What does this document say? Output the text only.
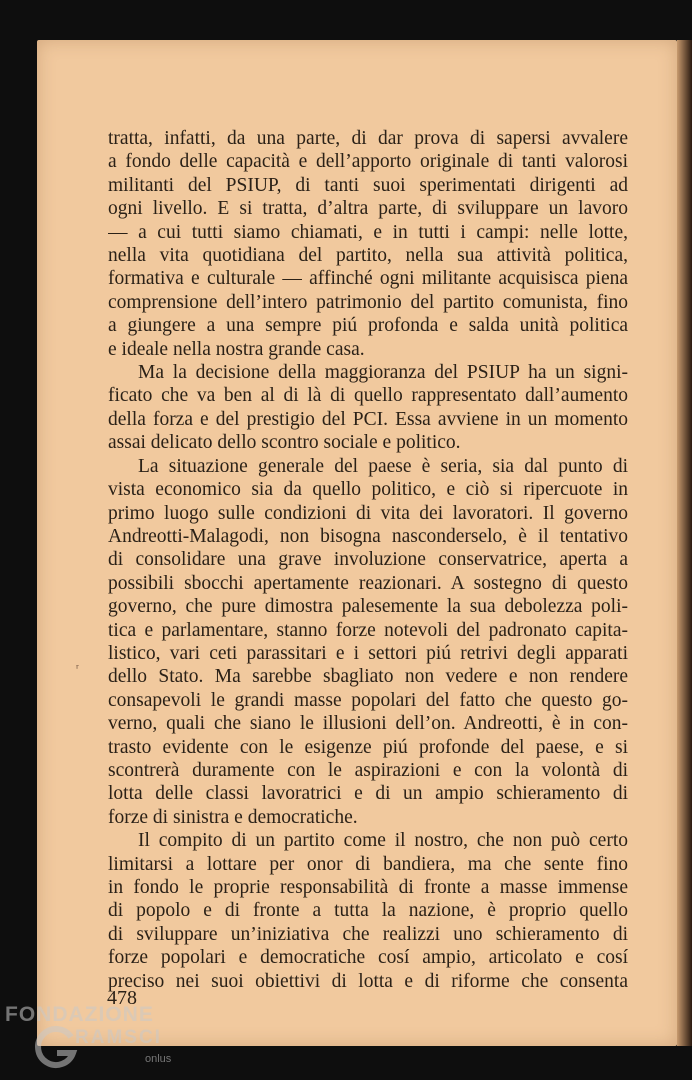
tratta, infatti, da una parte, di dar prova di sapersi avvalere
a fondo delle capacità e dell’apporto originale di tanti valorosi
militanti del PSIUP, di tanti suoi sperimentati dirigenti ad
ogni livello. E si tratta, d’altra parte, di sviluppare un lavoro
— a cui tutti siamo chiamati, e in tutti i campi: nelle lotte,
nella vita quotidiana del partito, nella sua attività politica,
formativa e culturale — affinché ogni militante acquisisca piena
comprensione dell’intero patrimonio del partito comunista, fino
a giungere a una sempre piú profonda e salda unità politica
e ideale nella nostra grande casa.
Ma la decisione della maggioranza del PSIUP ha un signi-
ficato che va ben al di là di quello rappresentato dall’aumento
della forza e del prestigio del PCI. Essa avviene in un momento
assai delicato dello scontro sociale e politico.
La situazione generale del paese è seria, sia dal punto di
vista economico sia da quello politico, e ciò si ripercuote in
primo luogo sulle condizioni di vita dei lavoratori. Il governo
Andreotti-Malagodi, non bisogna nasconderselo, è il tentativo
di consolidare una grave involuzione conservatrice, aperta a
possibili sbocchi apertamente reazionari. A sostegno di questo
governo, che pure dimostra palesemente la sua debolezza poli-
tica e parlamentare, stanno forze notevoli del padronato capita-
listico, vari ceti parassitari e i settori piú retrivi degli apparati
dello Stato. Ma sarebbe sbagliato non vedere e non rendere
consapevoli le grandi masse popolari del fatto che questo go-
verno, quali che siano le illusioni dell’on. Andreotti, è in con-
trasto evidente con le esigenze piú profonde del paese, e si
scontrerà duramente con le aspirazioni e con la volontà di
lotta delle classi lavoratrici e di un ampio schieramento di
forze di sinistra e democratiche.
Il compito di un partito come il nostro, che non può certo
limitarsi a lottare per onor di bandiera, ma che sente fino
in fondo le proprie responsabilità di fronte a masse immense
di popolo e di fronte a tutta la nazione, è proprio quello
di sviluppare un’iniziativa che realizzi uno schieramento di
forze popolari e democratiche cosí ampio, articolato e cosí
preciso nei suoi obiettivi di lotta e di riforme che consenta
ʳ
478
FONDAZIONE
RAMSCI
onlus
